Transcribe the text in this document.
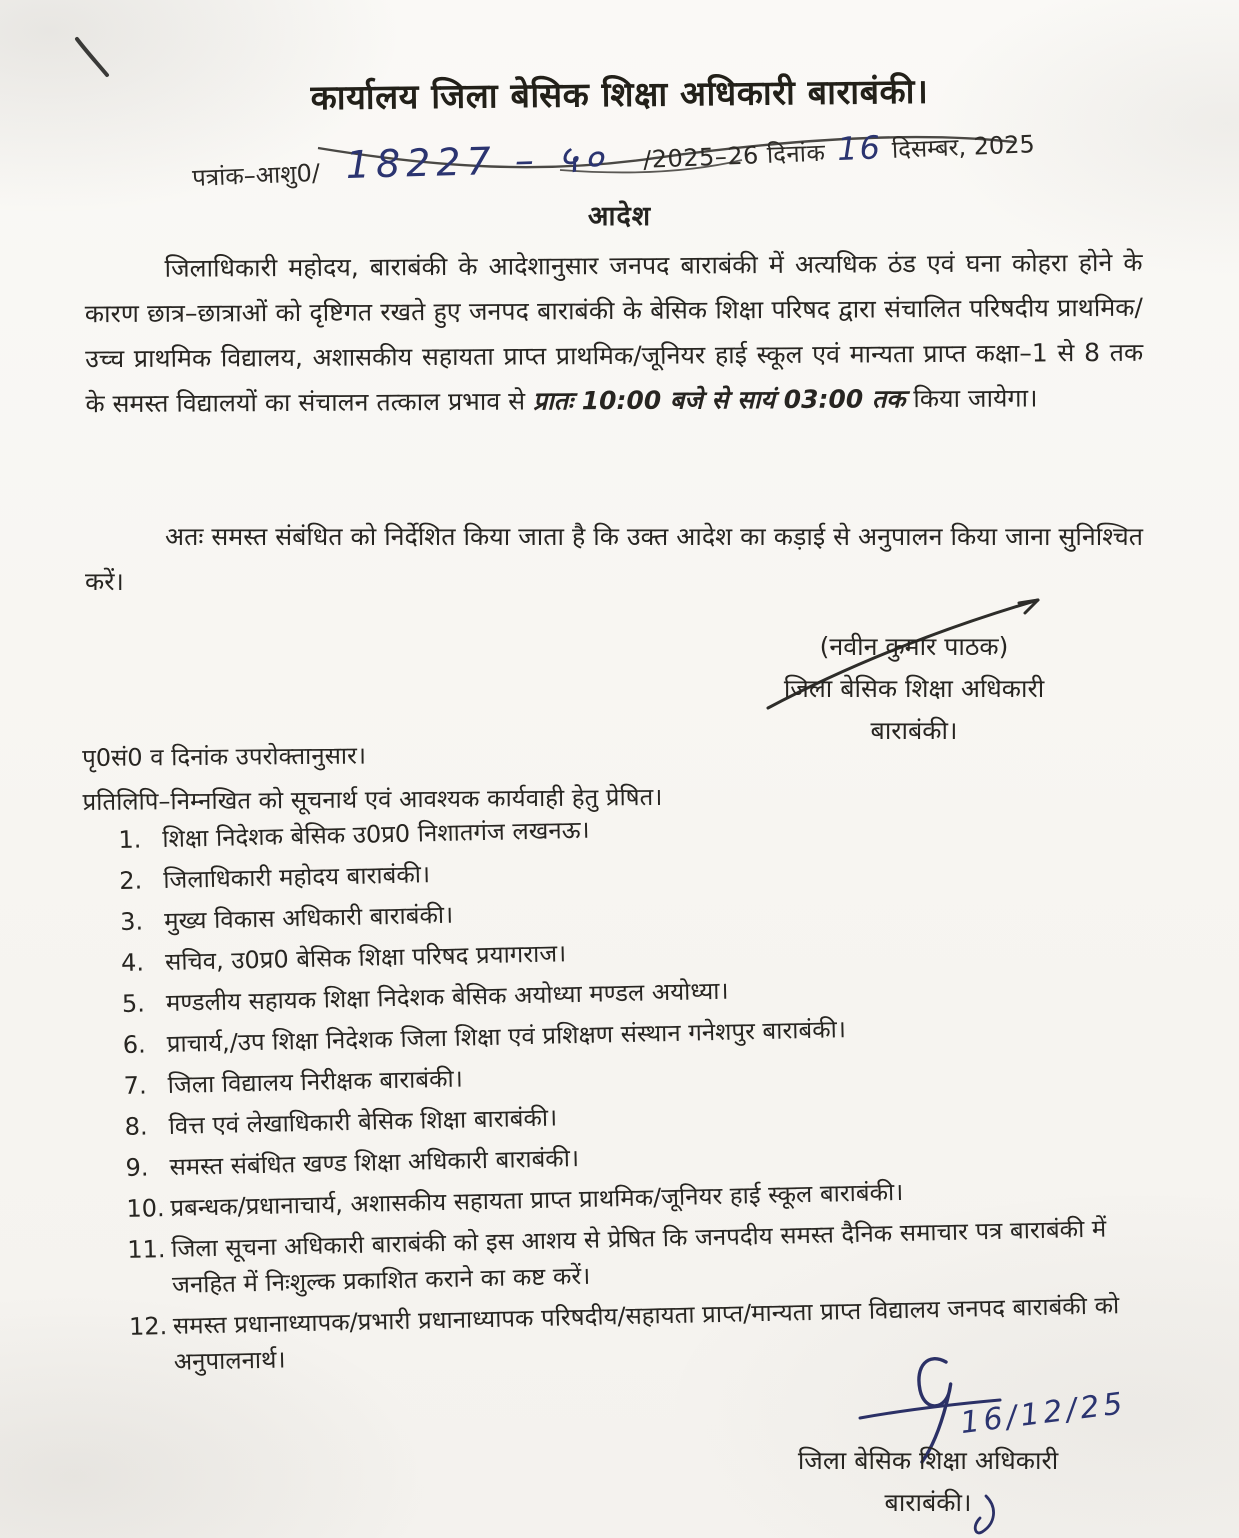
कार्यालय जिला बेसिक शिक्षा अधिकारी बाराबंकी।
पत्रांक–आशु0/ 18227 – ५० /2025–26 दिनांक 16 दिसम्बर, 2025
आदेश

जिलाधिकारी महोदय, बाराबंकी के आदेशानुसार जनपद बाराबंकी में अत्यधिक ठंड एवं घना कोहरा होने के कारण छात्र–छात्राओं को दृष्टिगत रखते हुए जनपद बाराबंकी के बेसिक शिक्षा परिषद द्वारा संचालित परिषदीय प्राथमिक/उच्च प्राथमिक विद्यालय, अशासकीय सहायता प्राप्त प्राथमिक/जूनियर हाई स्कूल एवं मान्यता प्राप्त कक्षा–1 से 8 तक के समस्त विद्यालयों का संचालन तत्काल प्रभाव से प्रातः 10:00 बजे से सायं 03:00 तक किया जायेगा।

अतः समस्त संबंधित को निर्देशित किया जाता है कि उक्त आदेश का कड़ाई से अनुपालन किया जाना सुनिश्चित करें।

(नवीन कुमार पाठक)
जिला बेसिक शिक्षा अधिकारी
बाराबंकी।
पृ0सं0 व दिनांक उपरोक्तानुसार।
प्रतिलिपि–निम्नखित को सूचनार्थ एवं आवश्यक कार्यवाही हेतु प्रेषित।
1. शिक्षा निदेशक बेसिक उ0प्र0 निशातगंज लखनऊ।
2. जिलाधिकारी महोदय बाराबंकी।
3. मुख्य विकास अधिकारी बाराबंकी।
4. सचिव, उ0प्र0 बेसिक शिक्षा परिषद प्रयागराज।
5. मण्डलीय सहायक शिक्षा निदेशक बेसिक अयोध्या मण्डल अयोध्या।
6. प्राचार्य,/उप शिक्षा निदेशक जिला शिक्षा एवं प्रशिक्षण संस्थान गनेशपुर बाराबंकी।
7. जिला विद्यालय निरीक्षक बाराबंकी।
8. वित्त एवं लेखाधिकारी बेसिक शिक्षा बाराबंकी।
9. समस्त संबंधित खण्ड शिक्षा अधिकारी बाराबंकी।
10. प्रबन्धक/प्रधानाचार्य, अशासकीय सहायता प्राप्त प्राथमिक/जूनियर हाई स्कूल बाराबंकी।
11. जिला सूचना अधिकारी बाराबंकी को इस आशय से प्रेषित कि जनपदीय समस्त दैनिक समाचार पत्र बाराबंकी में जनहित में निःशुल्क प्रकाशित कराने का कष्ट करें।
12. समस्त प्रधानाध्यापक/प्रभारी प्रधानाध्यापक परिषदीय/सहायता प्राप्त/मान्यता प्राप्त विद्यालय जनपद बाराबंकी को अनुपालनार्थ।
16/12/25
जिला बेसिक शिक्षा अधिकारी
बाराबंकी।
